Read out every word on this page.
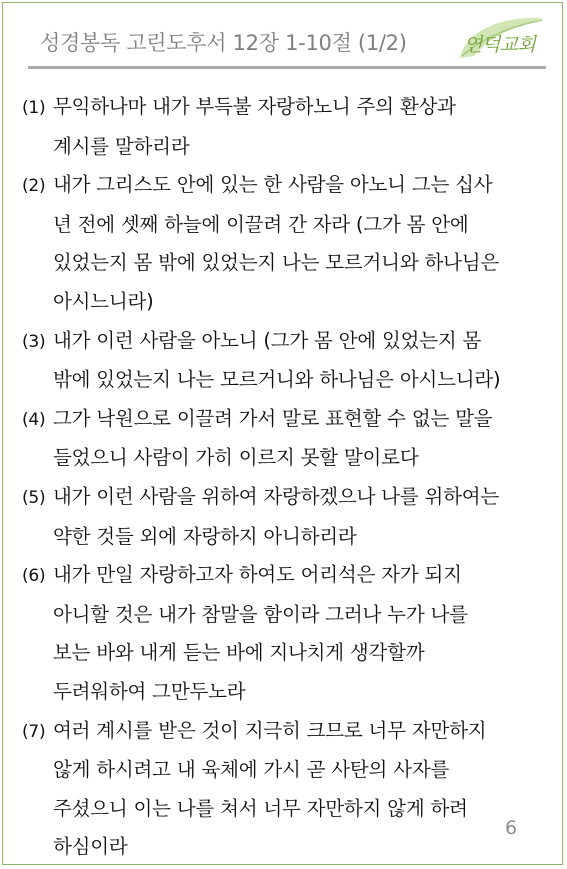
성경봉독 고린도후서 12장 1-10절 (1/2)	연덕교회
(1) 무익하나마 내가 부득불 자랑하노니 주의 환상과
계시를 말하리라
(2) 내가 그리스도 안에 있는 한 사람을 아노니 그는 십사
년 전에 셋째 하늘에 이끌려 간 자라 (그가 몸 안에
있었는지 몸 밖에 있었는지 나는 모르거니와 하나님은
아시느니라)
(3) 내가 이런 사람을 아노니 (그가 몸 안에 있었는지 몸
밖에 있었는지 나는 모르거니와 하나님은 아시느니라)
(4) 그가 낙원으로 이끌려 가서 말로 표현할 수 없는 말을
들었으니 사람이 가히 이르지 못할 말이로다
(5) 내가 이런 사람을 위하여 자랑하겠으나 나를 위하여는
약한 것들 외에 자랑하지 아니하리라
(6) 내가 만일 자랑하고자 하여도 어리석은 자가 되지
아니할 것은 내가 참말을 함이라 그러나 누가 나를
보는 바와 내게 듣는 바에 지나치게 생각할까
두려워하여 그만두노라
(7) 여러 계시를 받은 것이 지극히 크므로 너무 자만하지
않게 하시려고 내 육체에 가시 곧 사탄의 사자를
주셨으니 이는 나를 쳐서 너무 자만하지 않게 하려
하심이라
6
